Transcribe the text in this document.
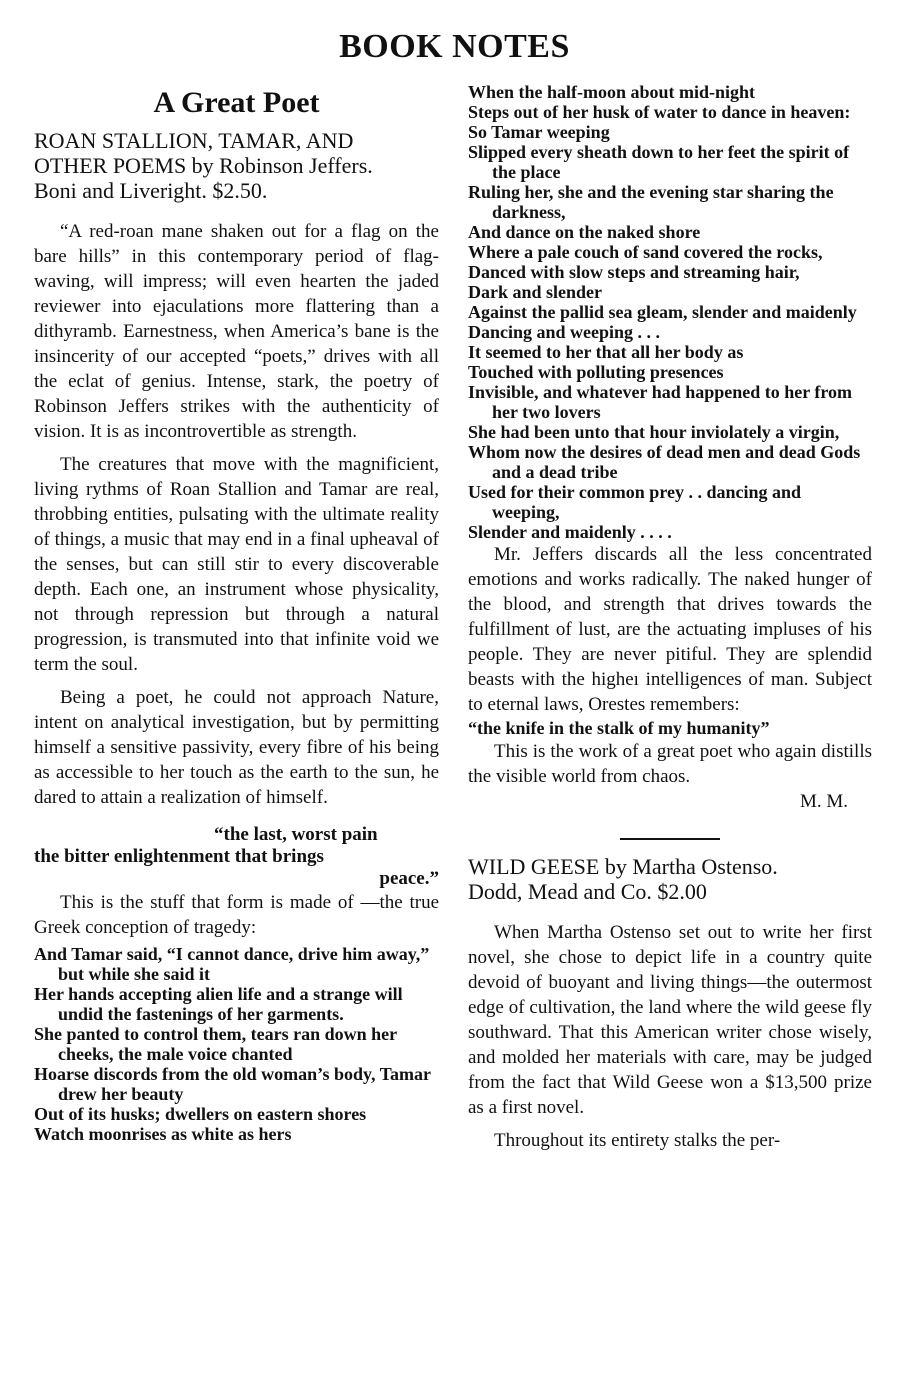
BOOK NOTES
A Great Poet
ROAN STALLION, TAMAR, AND
OTHER POEMS by Robinson Jeffers.
Boni and Liveright. $2.50.

“A red-roan mane shaken out for a flag on the bare hills” in this contemporary period of flag-waving, will impress; will even hearten the jaded reviewer into ejaculations more flattering than a dithyramb. Earnestness, when America’s bane is the insincerity of our accepted “poets,” drives with all the eclat of genius. Intense, stark, the poetry of Robinson Jeffers strikes with the authenticity of vision. It is as incontrovertible as strength.

The creatures that move with the magnificient, living rythms of Roan Stallion and Tamar are real, throbbing entities, pulsating with the ultimate reality of things, a music that may end in a final upheaval of the senses, but can still stir to every discoverable depth. Each one, an instrument whose physicality, not through repression but through a natural progression, is transmuted into that infinite void we term the soul.

Being a poet, he could not approach Nature, intent on analytical investigation, but by permitting himself a sensitive passivity, every fibre of his being as accessible to her touch as the earth to the sun, he dared to attain a realization of himself.

“the last, worst pain
the bitter enlightenment that brings
peace.”

This is the stuff that form is made of —the true Greek conception of tragedy:

And Tamar said, “I cannot dance, drive him away,” but while she said it
Her hands accepting alien life and a strange will undid the fastenings of her garments.
She panted to control them, tears ran down her cheeks, the male voice chanted
Hoarse discords from the old woman’s body, Tamar drew her beauty
Out of its husks; dwellers on eastern shores
Watch moonrises as white as hers
When the half-moon about mid-night
Steps out of her husk of water to dance in heaven:
So Tamar weeping
Slipped every sheath down to her feet the spirit of the place
Ruling her, she and the evening star sharing the darkness,
And dance on the naked shore
Where a pale couch of sand covered the rocks,
Danced with slow steps and streaming hair,
Dark and slender
Against the pallid sea gleam, slender and maidenly
Dancing and weeping . . .
It seemed to her that all her body as
Touched with polluting presences
Invisible, and whatever had happened to her from her two lovers
She had been unto that hour inviolately a virgin,
Whom now the desires of dead men and dead Gods and a dead tribe
Used for their common prey . . dancing and weeping,
Slender and maidenly . . . .

Mr. Jeffers discards all the less concentrated emotions and works radicallу. The naked hunger of the blood, and strength that drives towards the fulfillment of lust, are the actuating impluses of his people. They are never pitiful. They are splendid beasts with the higheı intelligences of man. Subject to eternal laws, Orestes remembers:

“the knife in the stalk of my humanity”

This is the work of a great poet who again distills the visible world from chaos.

M. M.
WILD GEESE by Martha Ostenso.
Dodd, Mead and Co. $2.00

When Martha Ostenso set out to write her first novel, she chose to depict life in a country quite devoid of buoyant and living things—the outermost edge of cultivation, the land where the wild geese fly southward. That this American writer chose wisely, and molded her materials with care, may be judged from the fact that Wild Geese won a $13,500 prize as a first novel.

Throughout its entirety stalks the per-
